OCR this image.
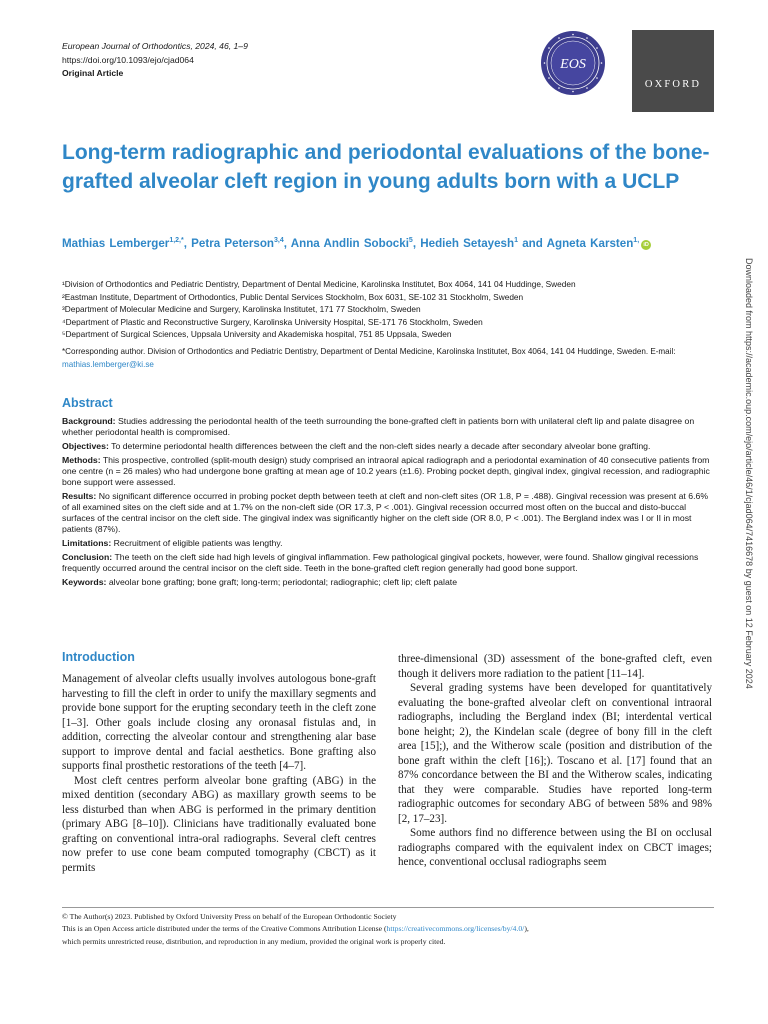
European Journal of Orthodontics, 2024, 46, 1–9
https://doi.org/10.1093/ejo/cjad064
Original Article
EOS
OXFORD
Long-term radiographic and periodontal evaluations of the bone-grafted alveolar cleft region in young adults born with a UCLP
Mathias Lemberger$^{1,2,*}$, Petra Peterson$^{3,4}$, Anna Andlin Sobocki$^5$, Hedieh Setayesh$^1$ and Agneta Karsten$^{1,}$iD
¹Division of Orthodontics and Pediatric Dentistry, Department of Dental Medicine, Karolinska Institutet, Box 4064, 141 04 Huddinge, Sweden
²Eastman Institute, Department of Orthodontics, Public Dental Services Stockholm, Box 6031, SE-102 31 Stockholm, Sweden
³Department of Molecular Medicine and Surgery, Karolinska Institutet, 171 77 Stockholm, Sweden
⁴Department of Plastic and Reconstructive Surgery, Karolinska University Hospital, SE-171 76 Stockholm, Sweden
⁵Department of Surgical Sciences, Uppsala University and Akademiska hospital, 751 85 Uppsala, Sweden
*Corresponding author. Division of Orthodontics and Pediatric Dentistry, Department of Dental Medicine, Karolinska Institutet, Box 4064, 141 04 Huddinge, Sweden. E-mail: mathias.lemberger@ki.se
Abstract

Background: Studies addressing the periodontal health of the teeth surrounding the bone-grafted cleft in patients born with unilateral cleft lip and palate disagree on whether periodontal health is compromised.

Objectives: To determine periodontal health differences between the cleft and the non-cleft sides nearly a decade after secondary alveolar bone grafting.

Methods: This prospective, controlled (split-mouth design) study comprised an intraoral apical radiograph and a periodontal examination of 40 consecutive patients from one centre (n = 26 males) who had undergone bone grafting at mean age of 10.2 years (±1.6). Probing pocket depth, gingival index, gingival recession, and radiographic bone support were assessed.

Results: No significant difference occurred in probing pocket depth between teeth at cleft and non-cleft sites (OR 1.8, P = .488). Gingival recession was present at 6.6% of all examined sites on the cleft side and at 1.7% on the non-cleft side (OR 17.3, P < .001). Gingival recession occurred most often on the buccal and disto-buccal surfaces of the central incisor on the cleft side. The gingival index was significantly higher on the cleft side (OR 8.0, P < .001). The Bergland index was I or II in most patients (87%).

Limitations: Recruitment of eligible patients was lengthy.

Conclusion: The teeth on the cleft side had high levels of gingival inflammation. Few pathological gingival pockets, however, were found. Shallow gingival recessions frequently occurred around the central incisor on the cleft side. Teeth in the bone-grafted cleft region generally had good bone support.

Keywords: alveolar bone grafting; bone graft; long-term; periodontal; radiographic; cleft lip; cleft palate

Introduction

Management of alveolar clefts usually involves autologous bone-graft harvesting to fill the cleft in order to unify the maxillary segments and provide bone support for the erupting secondary teeth in the cleft zone [1–3]. Other goals include closing any oronasal fistulas and, in addition, correcting the alveolar contour and strengthening alar base support to improve dental and facial aesthetics. Bone grafting also supports final prosthetic restorations of the teeth [4–7].

Most cleft centres perform alveolar bone grafting (ABG) in the mixed dentition (secondary ABG) as maxillary growth seems to be less disturbed than when ABG is performed in the primary dentition (primary ABG [8–10]). Clinicians have traditionally evaluated bone grafting on conventional intra-oral radiographs. Several cleft centres now prefer to use cone beam computed tomography (CBCT) as it permits

three-dimensional (3D) assessment of the bone-grafted cleft, even though it delivers more radiation to the patient [11–14].

Several grading systems have been developed for quantitatively evaluating the bone-grafted alveolar cleft on conventional intraoral radiographs, including the Bergland index (BI; interdental vertical bone height; 2), the Kindelan scale (degree of bony fill in the cleft area [15];), and the Witherow scale (position and distribution of the bone graft within the cleft [16];). Toscano et al. [17] found that an 87% concordance between the BI and the Witherow scales, indicating that they were comparable. Studies have reported long-term radiographic outcomes for secondary ABG of between 58% and 98% [2, 17–23].

Some authors find no difference between using the BI on occlusal radiographs compared with the equivalent index on CBCT images; hence, conventional occlusal radiographs seem

© The Author(s) 2023. Published by Oxford University Press on behalf of the European Orthodontic Society
This is an Open Access article distributed under the terms of the Creative Commons Attribution License (https://creativecommons.org/licenses/by/4.0/),
which permits unrestricted reuse, distribution, and reproduction in any medium, provided the original work is properly cited.
Downloaded from https://academic.oup.com/ejo/article/46/1/cjad064/7416678 by guest on 12 February 2024
